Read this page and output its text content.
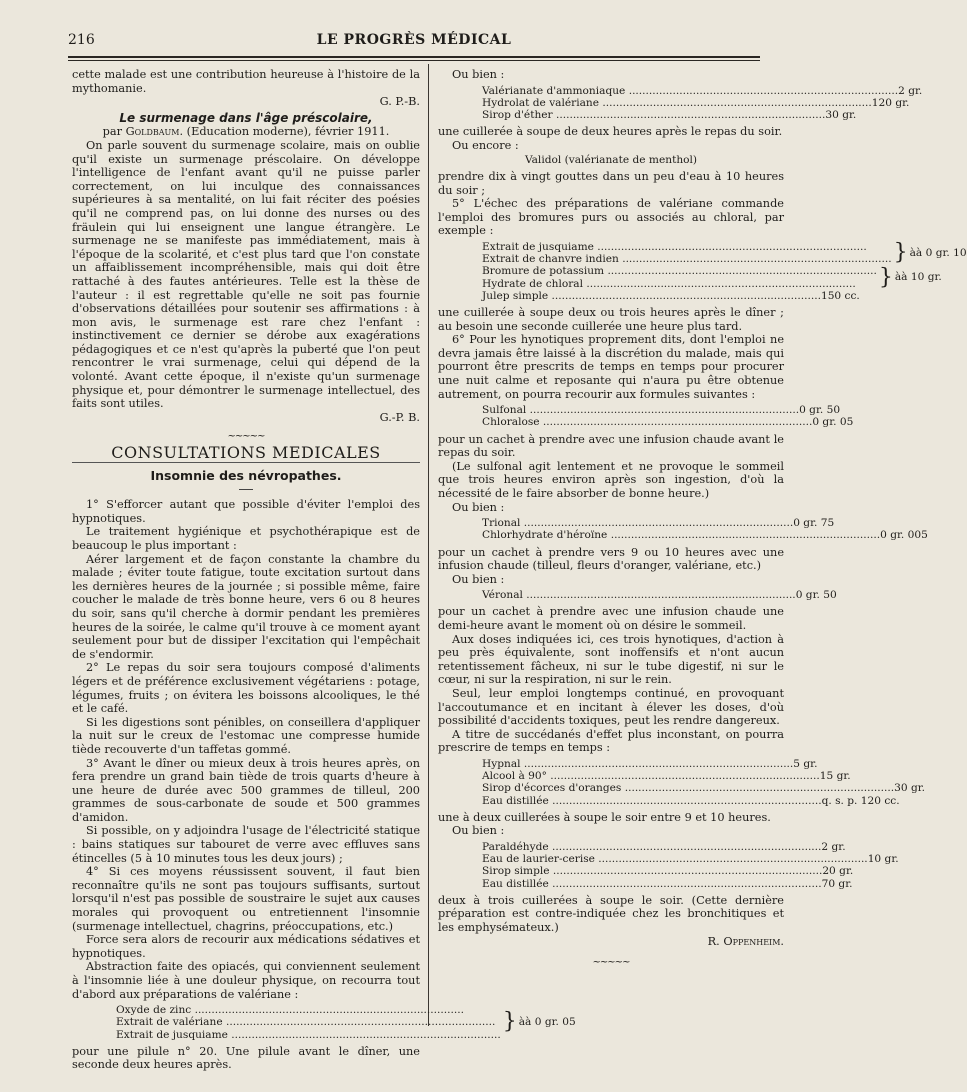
216	LE PROGRÈS MÉDICAL

cette malade est une contribution heureuse à l'histoire de la mythomanie.

G. P.-B.

Le surmenage dans l'âge préscolaire,

par Goldbaum. (Education moderne), février 1911.

On parle souvent du surmenage scolaire, mais on oublie qu'il existe un surmenage préscolaire. On développe l'intelligence de l'enfant avant qu'il ne puisse parler correctement, on lui inculque des connaissances supérieures à sa mentalité, on lui fait réciter des poésies qu'il ne comprend pas, on lui donne des nurses ou des fräulein qui lui enseignent une langue étrangère. Le surmenage ne se manifeste pas immédiatement, mais à l'époque de la scolarité, et c'est plus tard que l'on constate un affaiblissement incompréhensible, mais qui doit être rattaché à des fautes antérieures. Telle est la thèse de l'auteur : il est regrettable qu'elle ne soit pas fournie d'observations détaillées pour soutenir ses affirmations : à mon avis, le surmenage est rare chez l'enfant : instinctivement ce dernier se dérobe aux exagérations pédagogiques et ce n'est qu'après la puberté que l'on peut rencontrer le vrai surmenage, celui qui dépend de la volonté. Avant cette époque, il n'existe qu'un surmenage physique et, pour démontrer le surmenage intellectuel, des faits sont utiles.

G.-P. B.

~~~~~
CONSULTATIONS MEDICALES
Insomnie des névropathes.

1° S'efforcer autant que possible d'éviter l'emploi des hypnotiques.

Le traitement hygiénique et psychothérapique est de beaucoup le plus important :

Aérer largement et de façon constante la chambre du malade ; éviter toute fatigue, toute excitation surtout dans les dernières heures de la journée ; si possible même, faire coucher le malade de très bonne heure, vers 6 ou 8 heures du soir, sans qu'il cherche à dormir pendant les premières heures de la soirée, le calme qu'il trouve à ce moment ayant seulement pour but de dissiper l'excitation qui l'empêchait de s'endormir.

2° Le repas du soir sera toujours composé d'aliments légers et de préférence exclusivement végétariens : potage, légumes, fruits ; on évitera les boissons alcooliques, le thé et le café.

Si les digestions sont pénibles, on conseillera d'appliquer la nuit sur le creux de l'estomac une compresse humide tiède recouverte d'un taffetas gommé.

3° Avant le dîner ou mieux deux à trois heures après, on fera prendre un grand bain tiède de trois quarts d'heure à une heure de durée avec 500 grammes de tilleul, 200 grammes de sous-carbonate de soude et 500 grammes d'amidon.

Si possible, on y adjoindra l'usage de l'électricité statique : bains statiques sur tabouret de verre avec effluves sans étincelles (5 à 10 minutes tous les deux jours) ;

4° Si ces moyens réussissent souvent, il faut bien reconnaître qu'ils ne sont pas toujours suffisants, surtout lorsqu'il n'est pas possible de soustraire le sujet aux causes morales qui provoquent ou entretiennent l'insomnie (surmenage intellectuel, chagrins, préoccupations, etc.)

Force sera alors de recourir aux médications sédatives et hypnotiques.

Abstraction faite des opiacés, qui conviennent seulement à l'insomnie liée à une douleur physique, on recourra tout d'abord aux préparations de valériane :

Oxyde de zinc ................................................................................
Extrait de valériane ................................................................................
Extrait de jusquiame ................................................................................
} àà 0 gr. 05

pour une pilule n° 20. Une pilule avant le dîner, une seconde deux heures après.

Ou bien :

Valérianate d'ammoniaque ................................................................................ 2 gr.
Hydrolat de valériane ................................................................................ 120 gr.
Sirop d'éther ................................................................................ 30 gr.

une cuillerée à soupe de deux heures après le repas du soir.

Ou encore :

Validol (valérianate de menthol)

prendre dix à vingt gouttes dans un peu d'eau à 10 heures du soir ;

5° L'échec des préparations de valériane commande l'emploi des bromures purs ou associés au chloral, par exemple :

Extrait de jusquiame ................................................................................
Extrait de chanvre indien ................................................................................ } àà 0 gr. 10
Bromure de potassium ................................................................................
Hydrate de chloral ................................................................................	} àà 10 gr.
Julep simple ................................................................................ 150 cc.

une cuillerée à soupe deux ou trois heures après le dîner ; au besoin une seconde cuillerée une heure plus tard.

6° Pour les hynotiques proprement dits, dont l'emploi ne devra jamais être laissé à la discrétion du malade, mais qui pourront être prescrits de temps en temps pour procurer une nuit calme et reposante qui n'aura pu être obtenue autrement, on pourra recourir aux formules suivantes :

Sulfonal ................................................................................ 0 gr. 50
Chloralose ................................................................................ 0 gr. 05

pour un cachet à prendre avec une infusion chaude avant le repas du soir.

(Le sulfonal agit lentement et ne provoque le sommeil que trois heures environ après son ingestion, d'où la nécessité de le faire absorber de bonne heure.)

Ou bien :

Trional ................................................................................ 0 gr. 75
Chlorhydrate d'héroïne ................................................................................ 0 gr. 005

pour un cachet à prendre vers 9 ou 10 heures avec une infusion chaude (tilleul, fleurs d'oranger, valériane, etc.)

Ou bien :

Véronal ................................................................................ 0 gr. 50

pour un cachet à prendre avec une infusion chaude une demi-heure avant le moment où on désire le sommeil.

Aux doses indiquées ici, ces trois hynotiques, d'action à peu près équivalente, sont inoffensifs et n'ont aucun retentissement fâcheux, ni sur le tube digestif, ni sur le cœur, ni sur la respiration, ni sur le rein.

Seul, leur emploi longtemps continué, en provoquant l'accoutumance et en incitant à élever les doses, d'où possibilité d'accidents toxiques, peut les rendre dangereux.

A titre de succédanés d'effet plus inconstant, on pourra prescrire de temps en temps :

Hypnal ................................................................................ 5 gr.
Alcool à 90° ................................................................................ 15 gr.
Sirop d'écorces d'oranges ................................................................................ 30 gr.
Eau distillée ................................................................................ q. s. p. 120 cc.

une à deux cuillerées à soupe le soir entre 9 et 10 heures.

Ou bien :

Paraldéhyde ................................................................................ 2 gr.
Eau de laurier-cerise ................................................................................ 10 gr.
Sirop simple ................................................................................ 20 gr.
Eau distillée ................................................................................ 70 gr.

deux à trois cuillerées à soupe le soir. (Cette dernière préparation est contre-indiquée chez les bronchitiques et les emphysémateux.)

R. Oppenheim.

~~~~~
